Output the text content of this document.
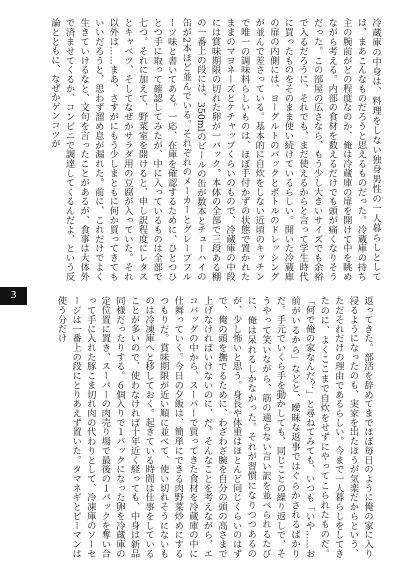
冷蔵庫の中身は、料理をしない独身男性の一人暮らしとしては、まあこんなものだろうと思えるものだった。冷蔵庫の持ち主の腕前がどの程度なのか、俺は冷蔵庫の扉を開けて中を眺めながら考える。内部の食材を数えるだけでも頭が痛くなりそうだった。この部屋の広さなら、もう少し大きいサイズでも余裕で入るだろうに、それでも、まだ使えるからと言って学生時代に買ったものをそのまま使い続けているらしい。開いた冷蔵庫の扉の内側には、ヨーグルトのパックとボトルのドレッシングが並んで差さっている。基本的に自炊をしない近頃のキッチンで唯一の調味料らしいものは、ほぼ手付かずの状態で置かれたままのマヨネーズとケチャップくらいのもので、冷蔵庫の中段には賞味期限の切れた卵が一パック。本体の全部で三段ある棚の一番上の段には、350mlのビールの缶が数本とチューハイの缶が2本ほど並んでいる。それぞれのメーカーとグレープフルーツ味と書いてある。一応、在庫を確認するために、ひとつひとつ手に取って確認してみたが、中に入っているものは全部で七つ。それに加えて、野菜室を開けると、申し訳程度にレタスとキャベツ、そしてなぜかサラダ用の豆腐が入っていた。それ以外は……まあ、さすがにもう少しまともに何か買ってきてもいいだろうと、思わず溜め息が漏れた。前に、これだけでよく生きていけるなと、文句を言ったことがあるが、食事は大体外で済ませてくるか、コンビニで調達してくるんだよ、という反論とともに、なぜかゲンコツが
3
返ってきた。部活を辞めてまでほぼ毎日のように俺の家に入り浸るようになったのも、実家を出たほうが気楽だからという、ただそれだけの理由であるらしい。今まで一人暮らしをしてきたのに、よくここまで自炊をせずにやってこられたものだ。「何で俺の家なんだ？」と尋ねてみても、いつも「いや……お前がいるから」などと、曖昧な返事ではぐらかされるばかりだ。手元でいくら手を動かしても、同じことの繰り返しで、そうやって笑いながら、筋の通らない言い訳を並べられるたびに、俺は呆れるしかなかった。それが習慣になりつつあるのが、少し怖いと思う。身長や体重はほとんど同じくらいのはずで、俺の頭を撫でるために、わざわざ腕を自分の頭の高さまで上げなければいけないのに、だ。そんなことを考えながら、エコバッグの中から、スーパーで買ってきた食材を冷蔵庫の中に仕舞っていく。今日の夕飯は、簡単にできる肉野菜炒めにするつもりだ。賞味期限が近い順に並べて、使い切れそうにないものは冷凍庫へと移しておく。起きている時間は仕事をしていることが多いので、使わなければ十年近く経っても、中身は新品同様だったりする。６個入りで１パックになった卵を冷蔵庫の定位置に置き、スーパーの肉売り場で最後の１パックを奪い合って手に入れた豚こま切れ肉の代わりとして、冷凍庫のソーセージは一番上の段にとりあえず置いた。タマネギとピーマンは使う分だけ
